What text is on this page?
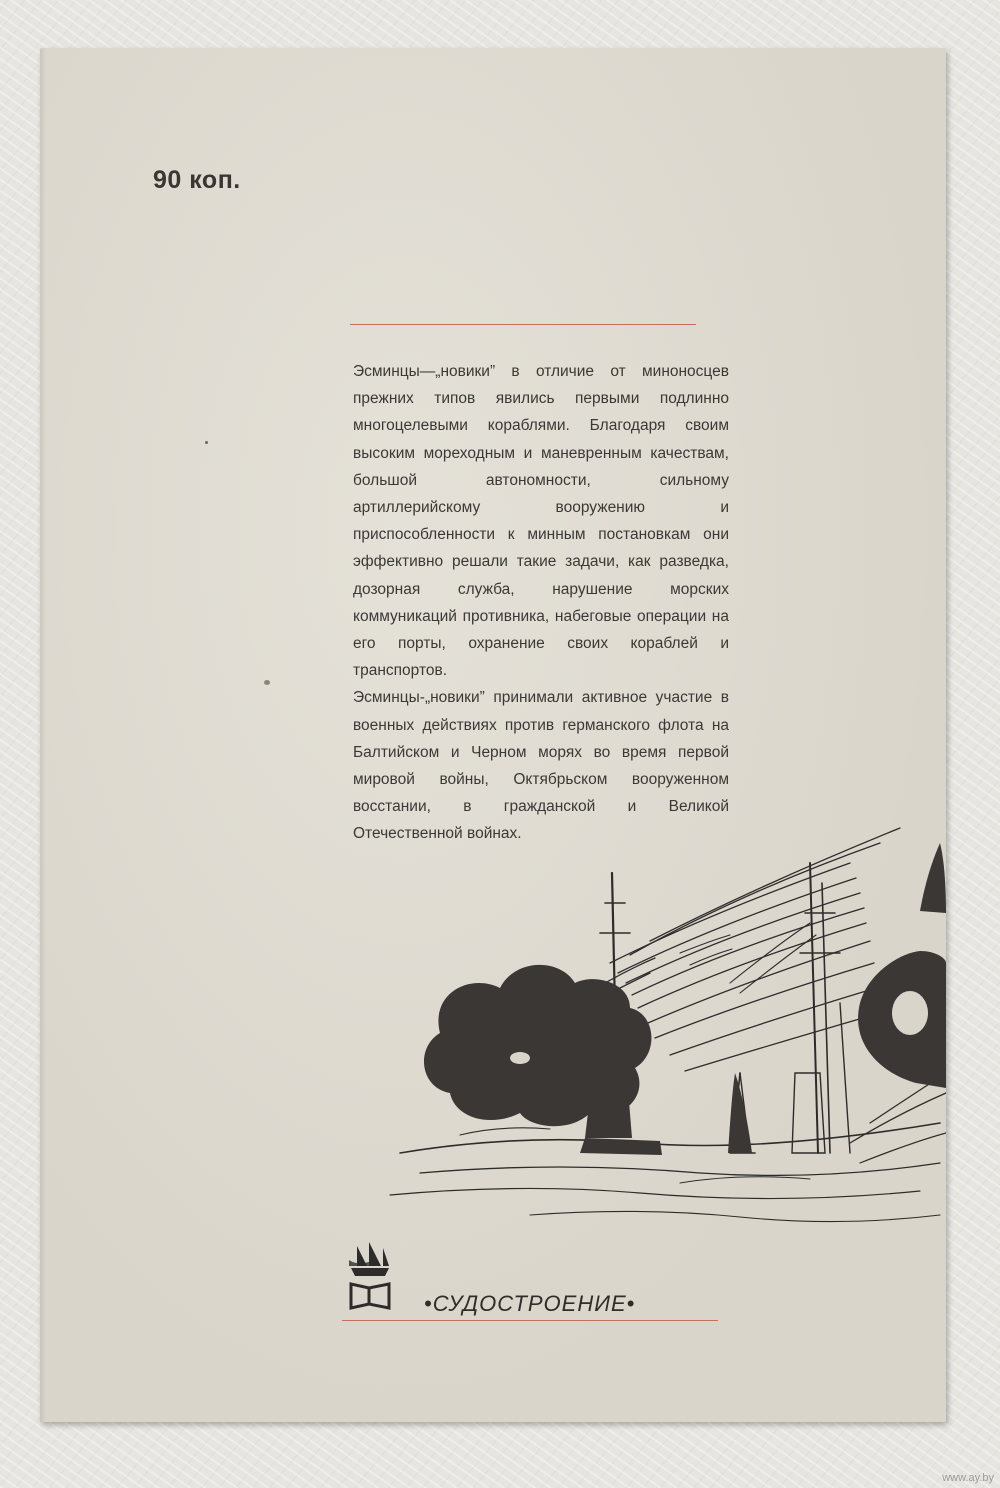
90 коп.

Эсминцы—„новики” в отличие от миноносцев прежних типов явились первыми подлинно многоцелевыми кораблями. Благодаря своим высоким мореходным и маневренным качествам, большой автономности, сильному артиллерийскому вооружению и приспособленности к минным постановкам они эффективно решали такие задачи, как разведка, дозорная служба, нарушение морских коммуникаций противника, набеговые операции на его порты, охранение своих кораблей и транспортов.

Эсминцы-„новики” принимали активное участие в военных действиях против германского флота на Балтийском и Черном морях во время первой мировой войны, Октябрьском вооруженном восстании, в гражданской и Великой Отечественной войнах.

•СУДОСТРОЕНИЕ•
www.ay.by
